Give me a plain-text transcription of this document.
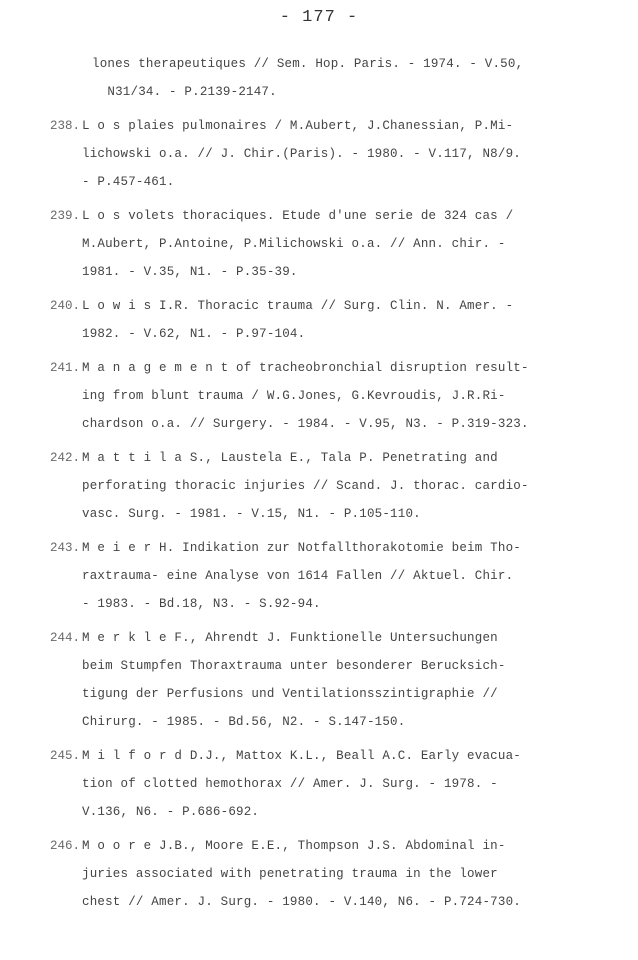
- 177 -
lones therapeutiques // Sem. Hop. Paris. - 1974. - V.50,
N31/34. - P.2139-2147.
238. L o s plaies pulmonaires / M.Aubert, J.Chanessian, P.Mi-
lichowski o.a. // J. Chir.(Paris). - 1980. - V.117, N8/9.
- P.457-461.
239. L o s volets thoraciques. Etude d'une serie de 324 cas /
M.Aubert, P.Antoine, P.Milichowski o.a. // Ann. chir. -
1981. - V.35, N1. - P.35-39.
240. L o w i s I.R. Thoracic trauma // Surg. Clin. N. Amer. -
1982. - V.62, N1. - P.97-104.
241. M a n a g e m e n t of tracheobronchial disruption result-
ing from blunt trauma / W.G.Jones, G.Kevroudis, J.R.Ri-
chardson o.a. // Surgery. - 1984. - V.95, N3. - P.319-323.
242. M a t t i l a S., Laustela E., Tala P. Penetrating and
perforating thoracic injuries // Scand. J. thorac. cardio-
vasc. Surg. - 1981. - V.15, N1. - P.105-110.
243. M e i e r H. Indikation zur Notfallthorakotomie beim Tho-
raxtrauma- eine Analyse von 1614 Fallen // Aktuel. Chir.
- 1983. - Bd.18, N3. - S.92-94.
244. M e r k l e F., Ahrendt J. Funktionelle Untersuchungen
beim Stumpfen Thoraxtrauma unter besonderer Berucksich-
tigung der Perfusions und Ventilationsszintigraphie //
Chirurg. - 1985. - Bd.56, N2. - S.147-150.
245. M i l f o r d D.J., Mattox K.L., Beall A.C. Early evacua-
tion of clotted hemothorax // Amer. J. Surg. - 1978. -
V.136, N6. - P.686-692.
246. M o o r e J.B., Moore E.E., Thompson J.S. Abdominal in-
juries associated with penetrating trauma in the lower
chest // Amer. J. Surg. - 1980. - V.140, N6. - P.724-730.
